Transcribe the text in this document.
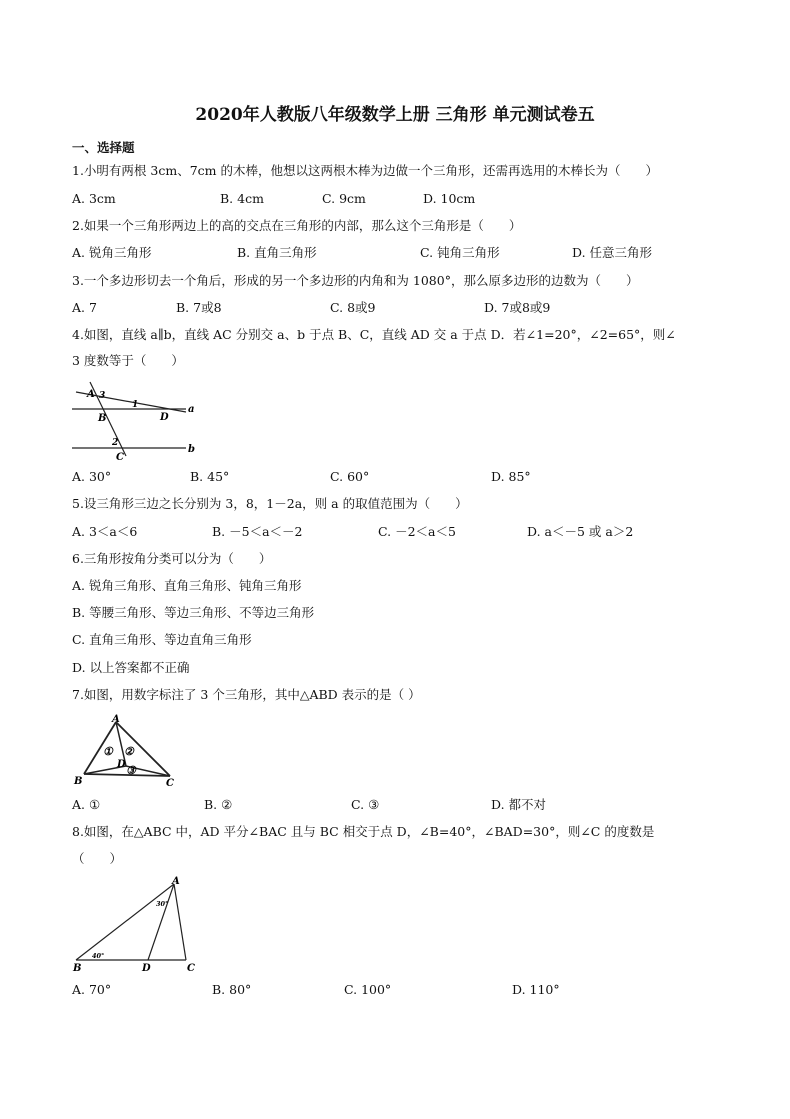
2020年人教版八年级数学上册 三角形 单元测试卷五
一、选择题
1.小明有两根 3cm、7cm 的木棒，他想以这两根木棒为边做一个三角形，还需再选用的木棒长为（　　）
A. 3cm	B. 4cm	C. 9cm	D. 10cm
2.如果一个三角形两边上的高的交点在三角形的内部，那么这个三角形是（　　）
A. 锐角三角形	B. 直角三角形	C. 钝角三角形	D. 任意三角形
3.一个多边形切去一个角后，形成的另一个多边形的内角和为 1080°，那么原多边形的边数为（　　）
A. 7	B. 7或8	C. 8或9	D. 7或8或9
4.如图，直线 a∥b，直线 AC 分别交 a、b 于点 B、C，直线 AD 交 a 于点 D．若∠1=20°，∠2=65°，则∠
3 度数等于（　　）
A 3
1
B	D
a
2
b
C
A. 30°	B. 45°	C. 60°	D. 85°
5.设三角形三边之长分别为 3，8，1－2a，则 a 的取值范围为（　　）
A. 3＜a＜6	B. －5＜a＜－2	C. －2＜a＜5	D. a＜－5 或 a＞2
6.三角形按角分类可以分为（　　）
A. 锐角三角形、直角三角形、钝角三角形
B. 等腰三角形、等边三角形、不等边三角形
C. 直角三角形、等边直角三角形
D. 以上答案都不正确
7.如图，用数字标注了 3 个三角形，其中△ABD 表示的是（ ）
A
① ②
D ③
B	C
A. ①	B. ②	C. ③	D. 都不对
8.如图，在△ABC 中，AD 平分∠BAC 且与 BC 相交于点 D，∠B=40°，∠BAD=30°，则∠C 的度数是
（　　）
A
30°
40°
B	D	C
A. 70°	B. 80°	C. 100°	D. 110°
